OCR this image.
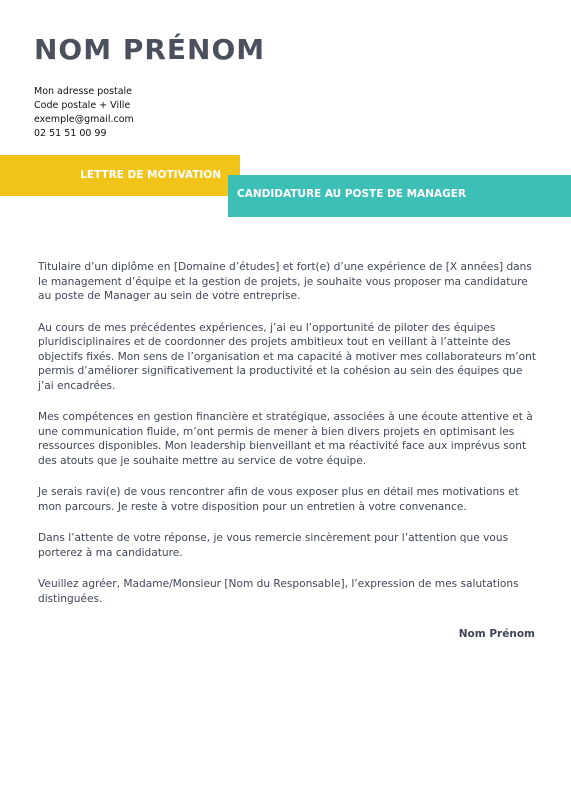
NOM PRÉNOM
Mon adresse postale
Code postale + Ville
exemple@gmail.com
02 51 51 00 99
LETTRE DE MOTIVATION
CANDIDATURE AU POSTE DE MANAGER

Titulaire d’un diplôme en [Domaine d’études] et fort(e) d’une expérience de [X années] dans le management d’équipe et la gestion de projets, je souhaite vous proposer ma candidature au poste de Manager au sein de votre entreprise.

Au cours de mes précédentes expériences, j’ai eu l’opportunité de piloter des équipes pluridisciplinaires et de coordonner des projets ambitieux tout en veillant à l’atteinte des objectifs fixés. Mon sens de l’organisation et ma capacité à motiver mes collaborateurs m’ont permis d’améliorer significativement la productivité et la cohésion au sein des équipes que j’ai encadrées.

Mes compétences en gestion financière et stratégique, associées à une écoute attentive et à une communication fluide, m’ont permis de mener à bien divers projets en optimisant les ressources disponibles. Mon leadership bienveillant et ma réactivité face aux imprévus sont des atouts que je souhaite mettre au service de votre équipe.

Je serais ravi(e) de vous rencontrer afin de vous exposer plus en détail mes motivations et mon parcours. Je reste à votre disposition pour un entretien à votre convenance.

Dans l’attente de votre réponse, je vous remercie sincèrement pour l’attention que vous porterez à ma candidature.

Veuillez agréer, Madame/Monsieur [Nom du Responsable], l’expression de mes salutations distinguées.

Nom Prénom
